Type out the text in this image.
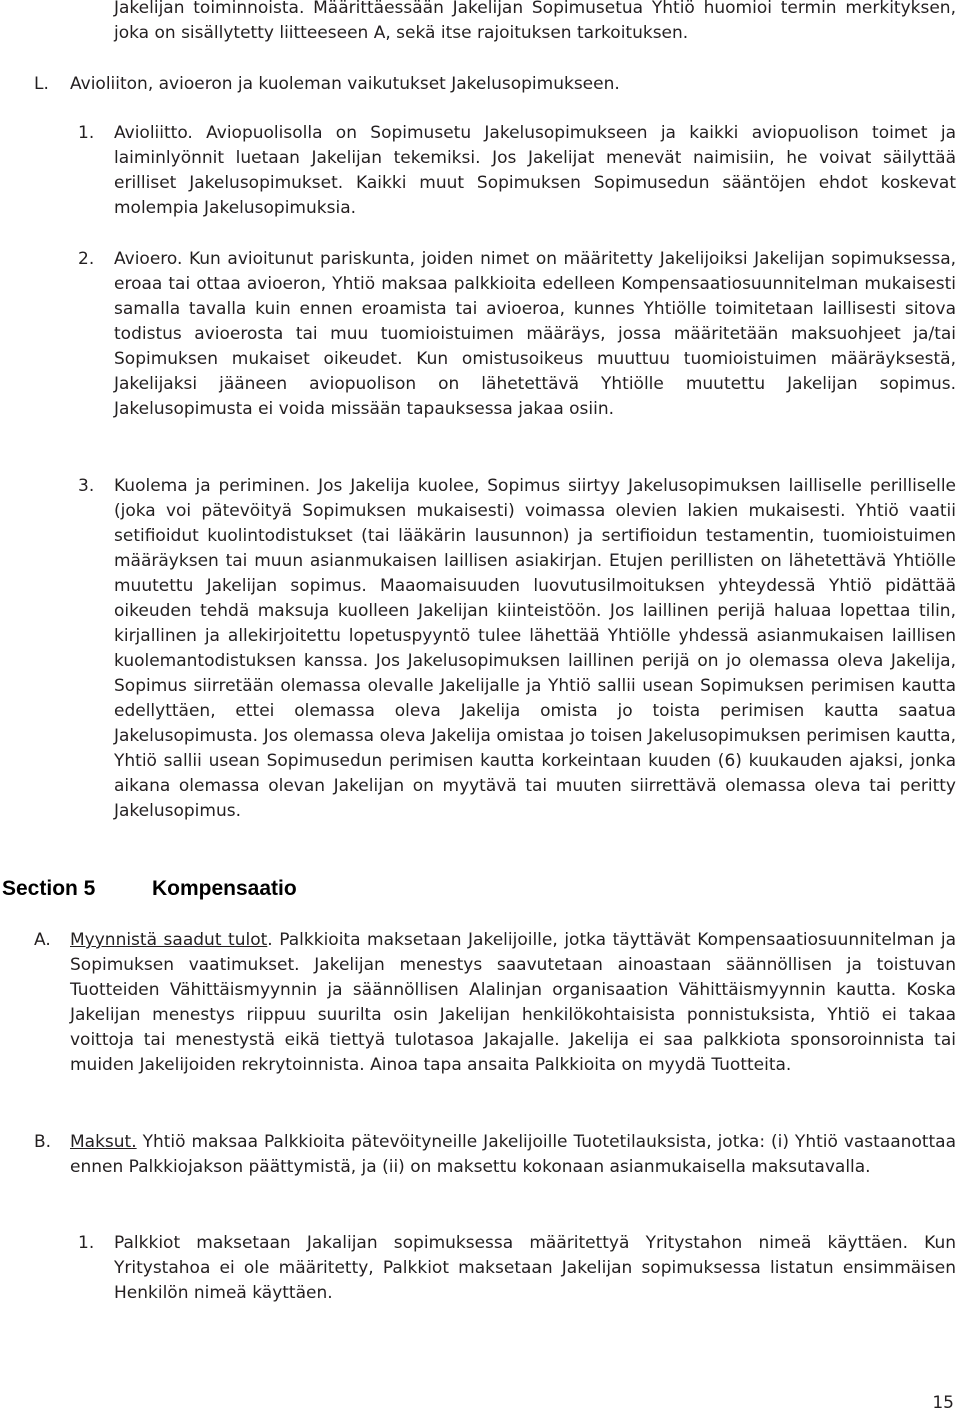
Jakelijan toiminnoista. Määrittäessään Jakelijan Sopimusetua Yhtiö huomioi termin merkityksen, joka on sisällytetty liitteeseen A, sekä itse rajoituksen tarkoituksen.

L. Avioliiton, avioeron ja kuoleman vaikutukset Jakelusopimukseen.
1. Avioliitto. Aviopuolisolla on Sopimusetu Jakelusopimukseen ja kaikki aviopuolison toimet ja laiminlyönnit luetaan Jakelijan tekemiksi. Jos Jakelijat menevät naimisiin, he voivat säilyttää erilliset Jakelusopimukset. Kaikki muut Sopimuksen Sopimusedun sääntöjen ehdot koskevat molempia Jakelusopimuksia.

2. Avioero. Kun avioitunut pariskunta, joiden nimet on määritetty Jakelijoiksi Jakelijan sopimuksessa, eroaa tai ottaa avioeron, Yhtiö maksaa palkkioita edelleen Kompensaatiosuunnitelman mukaisesti samalla tavalla kuin ennen eroamista tai avioeroa, kunnes Yhtiölle toimitetaan laillisesti sitova todistus avioerosta tai muu tuomioistuimen määräys, jossa määritetään maksuohjeet ja/tai Sopimuksen mukaiset oikeudet. Kun omistusoikeus muuttuu tuomioistuimen määräyksestä, Jakelijaksi jääneen aviopuolison on lähetettävä Yhtiölle muutettu Jakelijan sopimus. Jakelusopimusta ei voida missään tapauksessa jakaa osiin.

3. Kuolema ja periminen. Jos Jakelija kuolee, Sopimus siirtyy Jakelusopimuksen lailliselle perilliselle (joka voi pätevöityä Sopimuksen mukaisesti) voimassa olevien lakien mukaisesti. Yhtiö vaatii setifioidut kuolintodistukset (tai lääkärin lausunnon) ja sertifioidun testamentin, tuomioistuimen määräyksen tai muun asianmukaisen laillisen asiakirjan. Etujen perillisten on lähetettävä Yhtiölle muutettu Jakelijan sopimus. Maaomaisuuden luovutusilmoituksen yhteydessä Yhtiö pidättää oikeuden tehdä maksuja kuolleen Jakelijan kiinteistöön. Jos laillinen perijä haluaa lopettaa tilin, kirjallinen ja allekirjoitettu lopetuspyyntö tulee lähettää Yhtiölle yhdessä asianmukaisen laillisen kuolemantodistuksen kanssa. Jos Jakelusopimuksen laillinen perijä on jo olemassa oleva Jakelija, Sopimus siirretään olemassa olevalle Jakelijalle ja Yhtiö sallii usean Sopimuksen perimisen kautta edellyttäen, ettei olemassa oleva Jakelija omista jo toista perimisen kautta saatua Jakelusopimusta. Jos olemassa oleva Jakelija omistaa jo toisen Jakelusopimuksen perimisen kautta, Yhtiö sallii usean Sopimusedun perimisen kautta korkeintaan kuuden (6) kuukauden ajaksi, jonka aikana olemassa olevan Jakelijan on myytävä tai muuten siirrettävä olemassa oleva tai peritty Jakelusopimus.

Section 5	Kompensaatio
A. Myynnistä saadut tulot. Palkkioita maksetaan Jakelijoille, jotka täyttävät Kompensaatiosuunnitelman ja Sopimuksen vaatimukset. Jakelijan menestys saavutetaan ainoastaan säännöllisen ja toistuvan Tuotteiden Vähittäismyynnin ja säännöllisen Alalinjan organisaation Vähittäismyynnin kautta. Koska Jakelijan menestys riippuu suurilta osin Jakelijan henkilökohtaisista ponnistuksista, Yhtiö ei takaa voittoja tai menestystä eikä tiettyä tulotasoa Jakajalle. Jakelija ei saa palkkiota sponsoroinnista tai muiden Jakelijoiden rekrytoinnista. Ainoa tapa ansaita Palkkioita on myydä Tuotteita.

B. Maksut. Yhtiö maksaa Palkkioita pätevöityneille Jakelijoille Tuotetilauksista, jotka: (i) Yhtiö vastaanottaa ennen Palkkiojakson päättymistä, ja (ii) on maksettu kokonaan asianmukaisella maksutavalla.

1. Palkkiot maksetaan Jakalijan sopimuksessa määritettyä Yritystahon nimeä käyttäen. Kun Yritystahoa ei ole määritetty, Palkkiot maksetaan Jakelijan sopimuksessa listatun ensimmäisen Henkilön nimeä käyttäen.

15
